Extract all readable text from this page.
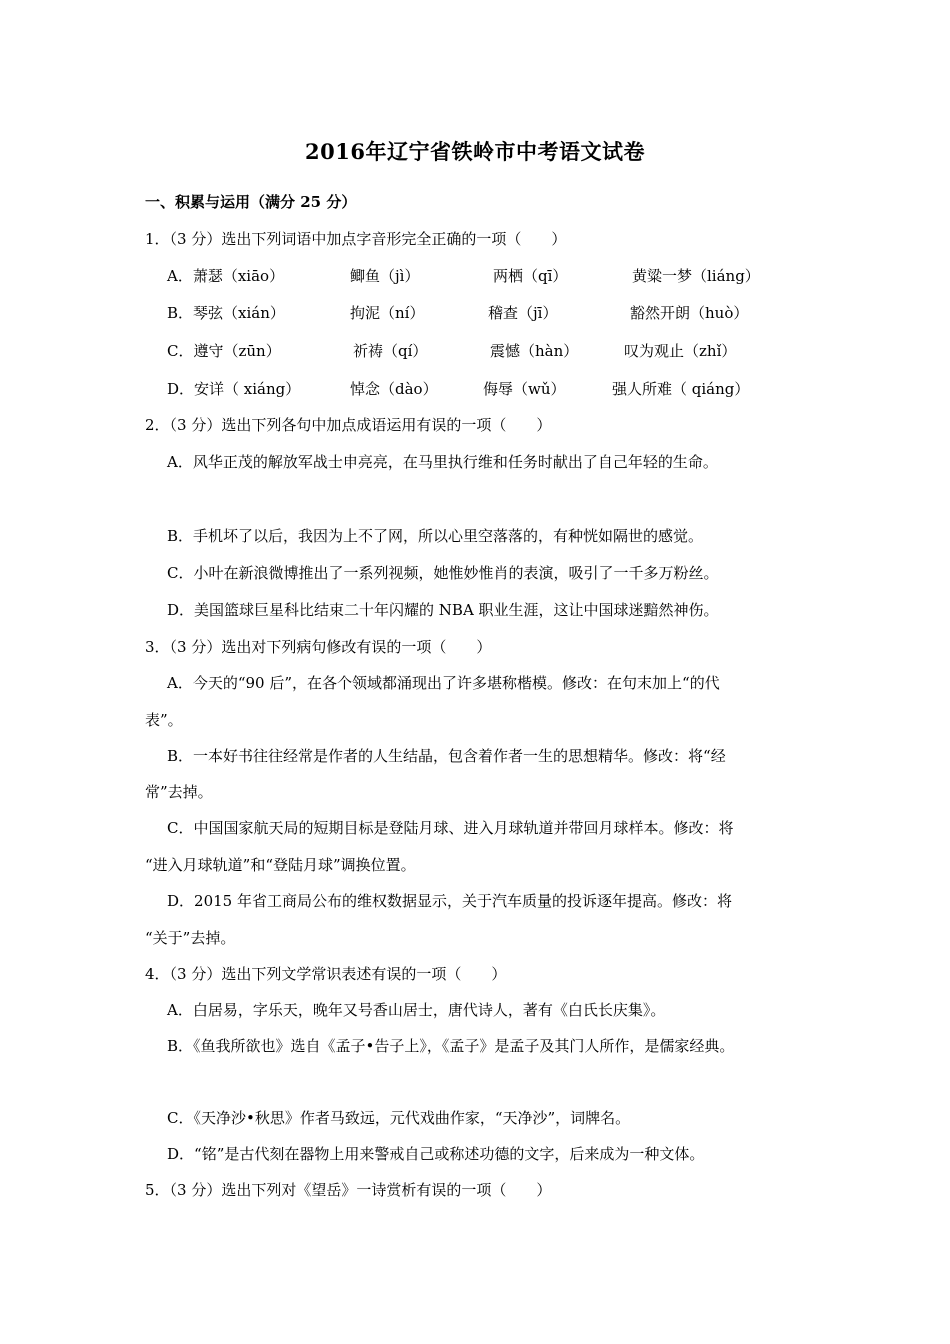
2016年辽宁省铁岭市中考语文试卷
一、积累与运用（满分 25 分）
1．（3 分）选出下列词语中加点字音形完全正确的一项（　　）
A．萧瑟（xiāo）	鲫鱼（jì）	两栖（qī）	黄粱一梦（liáng）
B．琴弦（xián）	拘泥（ní）	稽查（jī）	豁然开朗（huò）
C．遵守（zūn）	祈祷（qí）	震憾（hàn）	叹为观止（zhǐ）
D．安详（ xiáng）	悼念（dào）	侮辱（wǔ）	强人所难（ qiáng）
2．（3 分）选出下列各句中加点成语运用有误的一项（　　）
A．风华正茂的解放军战士申亮亮，在马里执行维和任务时献出了自己年轻的生命。
B．手机坏了以后，我因为上不了网，所以心里空落落的，有种恍如隔世的感觉。
C．小叶在新浪微博推出了一系列视频，她惟妙惟肖的表演，吸引了一千多万粉丝。
D．美国篮球巨星科比结束二十年闪耀的 NBA 职业生涯，这让中国球迷黯然神伤。
3．（3 分）选出对下列病句修改有误的一项（　　）
A．今天的“90 后”，在各个领域都涌现出了许多堪称楷模。修改：在句末加上“的代
表”。
B．一本好书往往经常是作者的人生结晶，包含着作者一生的思想精华。修改：将“经
常”去掉。
C．中国国家航天局的短期目标是登陆月球、进入月球轨道并带回月球样本。修改：将
“进入月球轨道”和“登陆月球”调换位置。
D．2015 年省工商局公布的维权数据显示，关于汽车质量的投诉逐年提高。修改：将
“关于”去掉。
4．（3 分）选出下列文学常识表述有误的一项（　　）
A．白居易，字乐天，晚年又号香山居士，唐代诗人，著有《白氏长庆集》。
B．《鱼我所欲也》选自《孟子•告子上》，《孟子》是孟子及其门人所作，是儒家经典。
C．《天净沙•秋思》作者马致远，元代戏曲作家，“天净沙”，词牌名。
D．“铭”是古代刻在器物上用来警戒自己或称述功德的文字，后来成为一种文体。
5．（3 分）选出下列对《望岳》一诗赏析有误的一项（　　）
